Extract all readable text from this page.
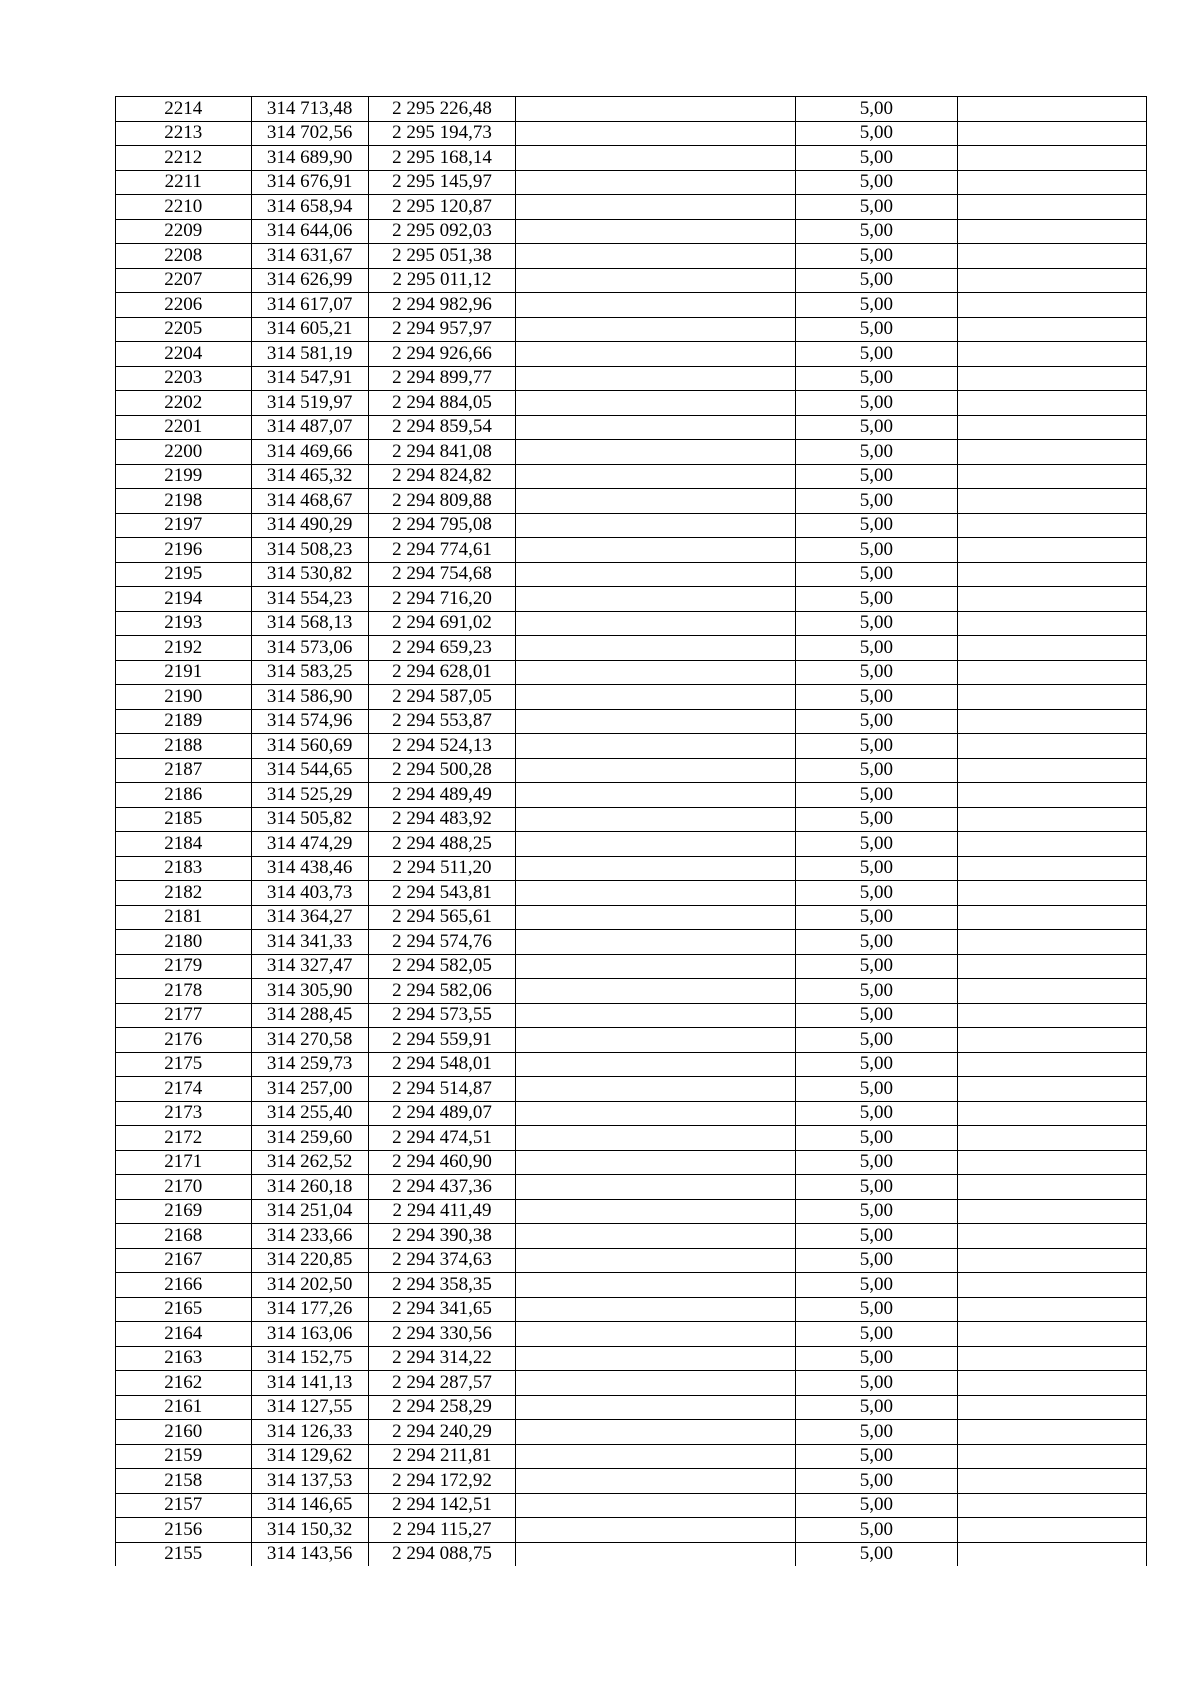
2214	314 713,48	2 295 226,48		5,00	
2213	314 702,56	2 295 194,73		5,00	
2212	314 689,90	2 295 168,14		5,00	
2211	314 676,91	2 295 145,97		5,00	
2210	314 658,94	2 295 120,87		5,00	
2209	314 644,06	2 295 092,03		5,00	
2208	314 631,67	2 295 051,38		5,00	
2207	314 626,99	2 295 011,12		5,00	
2206	314 617,07	2 294 982,96		5,00	
2205	314 605,21	2 294 957,97		5,00	
2204	314 581,19	2 294 926,66		5,00	
2203	314 547,91	2 294 899,77		5,00	
2202	314 519,97	2 294 884,05		5,00	
2201	314 487,07	2 294 859,54		5,00	
2200	314 469,66	2 294 841,08		5,00	
2199	314 465,32	2 294 824,82		5,00	
2198	314 468,67	2 294 809,88		5,00	
2197	314 490,29	2 294 795,08		5,00	
2196	314 508,23	2 294 774,61		5,00	
2195	314 530,82	2 294 754,68		5,00	
2194	314 554,23	2 294 716,20		5,00	
2193	314 568,13	2 294 691,02		5,00	
2192	314 573,06	2 294 659,23		5,00	
2191	314 583,25	2 294 628,01		5,00	
2190	314 586,90	2 294 587,05		5,00	
2189	314 574,96	2 294 553,87		5,00	
2188	314 560,69	2 294 524,13		5,00	
2187	314 544,65	2 294 500,28		5,00	
2186	314 525,29	2 294 489,49		5,00	
2185	314 505,82	2 294 483,92		5,00	
2184	314 474,29	2 294 488,25		5,00	
2183	314 438,46	2 294 511,20		5,00	
2182	314 403,73	2 294 543,81		5,00	
2181	314 364,27	2 294 565,61		5,00	
2180	314 341,33	2 294 574,76		5,00	
2179	314 327,47	2 294 582,05		5,00	
2178	314 305,90	2 294 582,06		5,00	
2177	314 288,45	2 294 573,55		5,00	
2176	314 270,58	2 294 559,91		5,00	
2175	314 259,73	2 294 548,01		5,00	
2174	314 257,00	2 294 514,87		5,00	
2173	314 255,40	2 294 489,07		5,00	
2172	314 259,60	2 294 474,51		5,00	
2171	314 262,52	2 294 460,90		5,00	
2170	314 260,18	2 294 437,36		5,00	
2169	314 251,04	2 294 411,49		5,00	
2168	314 233,66	2 294 390,38		5,00	
2167	314 220,85	2 294 374,63		5,00	
2166	314 202,50	2 294 358,35		5,00	
2165	314 177,26	2 294 341,65		5,00	
2164	314 163,06	2 294 330,56		5,00	
2163	314 152,75	2 294 314,22		5,00	
2162	314 141,13	2 294 287,57		5,00	
2161	314 127,55	2 294 258,29		5,00	
2160	314 126,33	2 294 240,29		5,00	
2159	314 129,62	2 294 211,81		5,00	
2158	314 137,53	2 294 172,92		5,00	
2157	314 146,65	2 294 142,51		5,00	
2156	314 150,32	2 294 115,27		5,00	
2155	314 143,56	2 294 088,75		5,00	
